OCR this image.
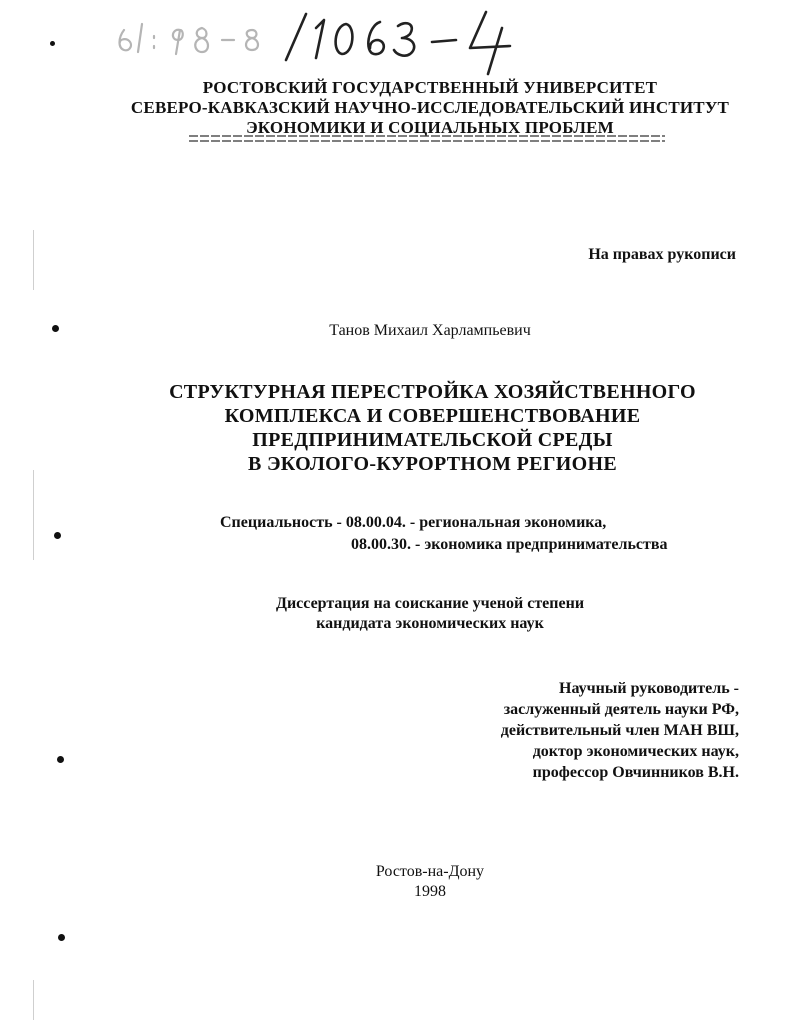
РОСТОВСКИЙ ГОСУДАРСТВЕННЫЙ УНИВЕРСИТЕТ
СЕВЕРО-КАВКАЗСКИЙ НАУЧНО-ИССЛЕДОВАТЕЛЬСКИЙ ИНСТИТУТ
ЭКОНОМИКИ И СОЦИАЛЬНЫХ ПРОБЛЕМ
На правах рукописи
Танов Михаил Харлампьевич
СТРУКТУРНАЯ ПЕРЕСТРОЙКА ХОЗЯЙСТВЕННОГО
КОМПЛЕКСА И СОВЕРШЕНСТВОВАНИЕ
ПРЕДПРИНИМАТЕЛЬСКОЙ СРЕДЫ
В ЭКОЛОГО-КУРОРТНОМ РЕГИОНЕ
Специальность - 08.00.04. - региональная экономика,
08.00.30. - экономика предпринимательства
Диссертация на соискание ученой степени
кандидата экономических наук
Научный руководитель -
заслуженный деятель науки РФ,
действительный член МАН ВШ,
доктор экономических наук,
профессор Овчинников В.Н.
Ростов-на-Дону
1998
